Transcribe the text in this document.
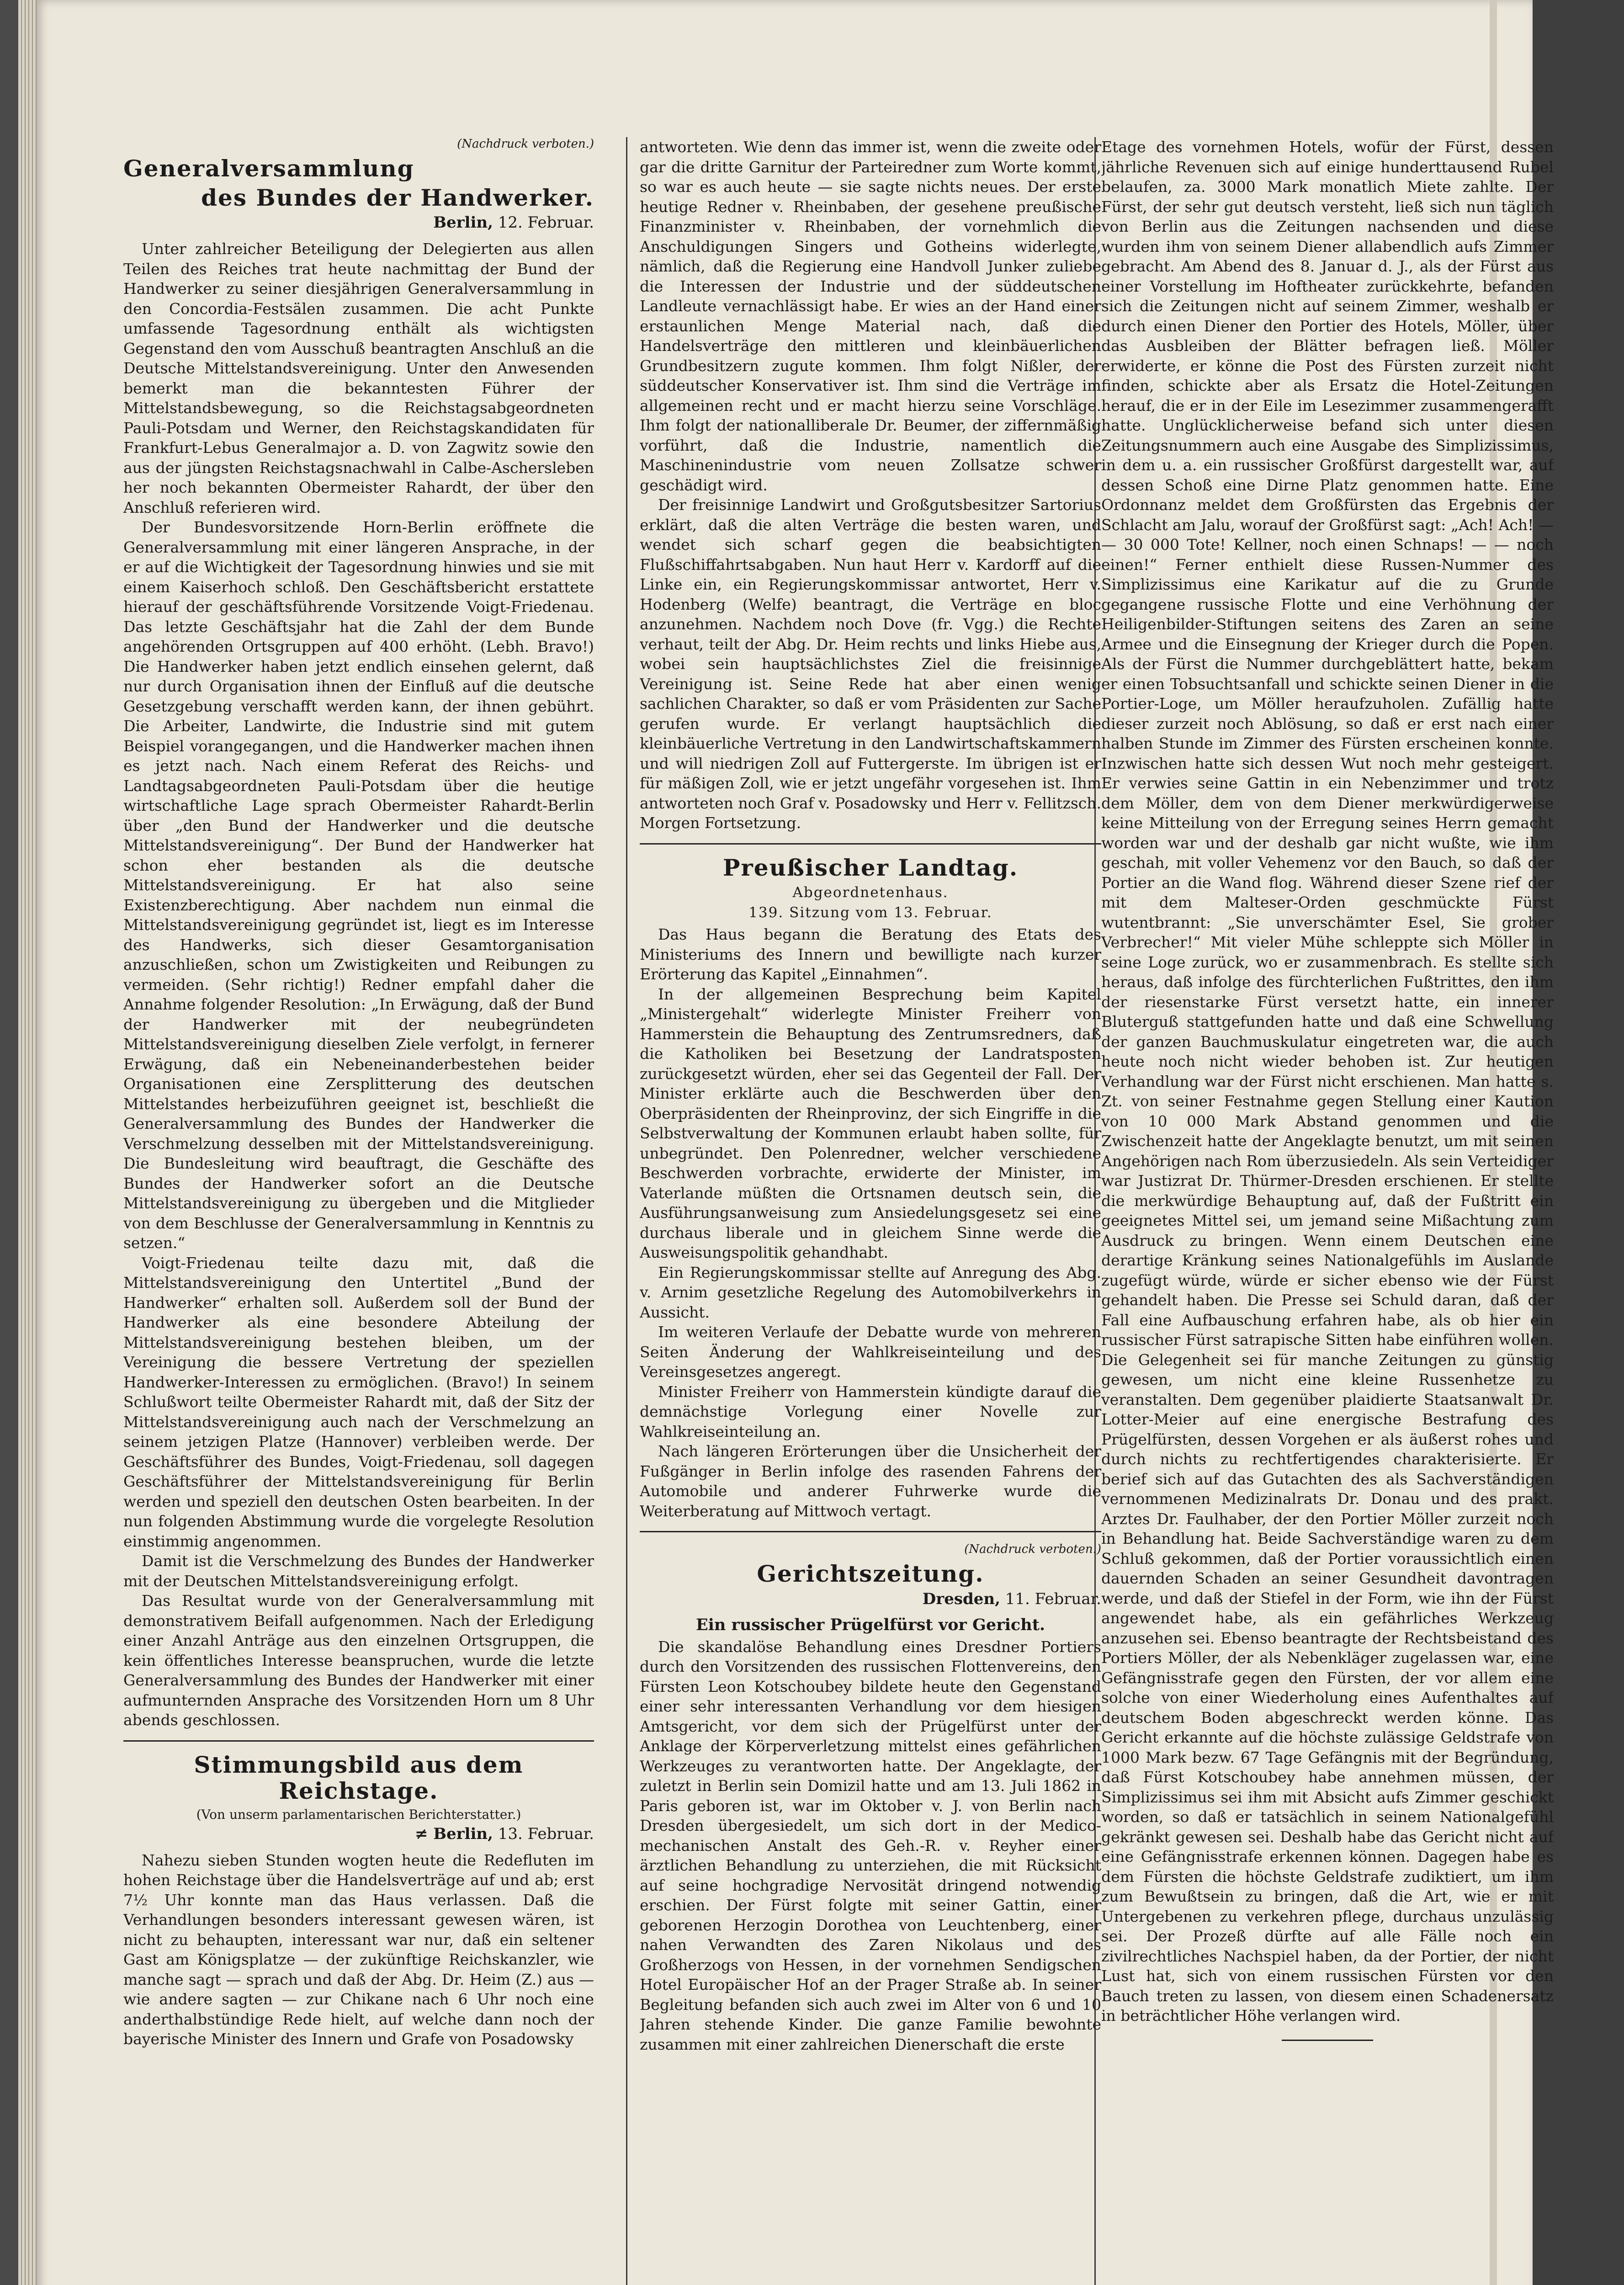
(Nachdruck verboten.)
Generalversammlung
des Bundes der Handwerker.
Berlin, 12. Februar.

Unter zahlreicher Beteiligung der Delegierten aus allen Teilen des Reiches trat heute nachmittag der Bund der Handwerker zu seiner diesjährigen Generalversammlung in den Concordia-Festsälen zusammen. Die acht Punkte umfassende Tagesordnung enthält als wichtigsten Gegenstand den vom Ausschuß beantragten Anschluß an die Deutsche Mittelstandsvereinigung. Unter den Anwesenden bemerkt man die bekanntesten Führer der Mittelstandsbewegung, so die Reichstagsabgeordneten Pauli-Potsdam und Werner, den Reichstagskandidaten für Frankfurt-Lebus Generalmajor a. D. von Zagwitz sowie den aus der jüngsten Reichstagsnachwahl in Calbe-Aschersleben her noch bekannten Obermeister Rahardt, der über den Anschluß referieren wird.

Der Bundesvorsitzende Horn-Berlin eröffnete die Generalversammlung mit einer längeren Ansprache, in der er auf die Wichtigkeit der Tagesordnung hinwies und sie mit einem Kaiserhoch schloß. Den Geschäftsbericht erstattete hierauf der geschäftsführende Vorsitzende Voigt-Friedenau. Das letzte Geschäftsjahr hat die Zahl der dem Bunde angehörenden Ortsgruppen auf 400 erhöht. (Lebh. Bravo!) Die Handwerker haben jetzt endlich einsehen gelernt, daß nur durch Organisation ihnen der Einfluß auf die deutsche Gesetzgebung verschafft werden kann, der ihnen gebührt. Die Arbeiter, Landwirte, die Industrie sind mit gutem Beispiel vorangegangen, und die Handwerker machen ihnen es jetzt nach. Nach einem Referat des Reichs- und Landtagsabgeordneten Pauli-Potsdam über die heutige wirtschaftliche Lage sprach Obermeister Rahardt-Berlin über „den Bund der Handwerker und die deutsche Mittelstandsvereinigung“. Der Bund der Handwerker hat schon eher bestanden als die deutsche Mittelstandsvereinigung. Er hat also seine Existenzberechtigung. Aber nachdem nun einmal die Mittelstandsvereinigung gegründet ist, liegt es im Interesse des Handwerks, sich dieser Gesamtorganisation anzuschließen, schon um Zwistigkeiten und Reibungen zu vermeiden. (Sehr richtig!) Redner empfahl daher die Annahme folgender Resolution: „In Erwägung, daß der Bund der Handwerker mit der neubegründeten Mittelstandsvereinigung dieselben Ziele verfolgt, in fernerer Erwägung, daß ein Nebeneinanderbestehen beider Organisationen eine Zersplitterung des deutschen Mittelstandes herbeizuführen geeignet ist, beschließt die Generalversammlung des Bundes der Handwerker die Verschmelzung desselben mit der Mittelstandsvereinigung. Die Bundesleitung wird beauftragt, die Geschäfte des Bundes der Handwerker sofort an die Deutsche Mittelstandsvereinigung zu übergeben und die Mitglieder von dem Beschlusse der Generalversammlung in Kenntnis zu setzen.“

Voigt-Friedenau teilte dazu mit, daß die Mittelstandsvereinigung den Untertitel „Bund der Handwerker“ erhalten soll. Außerdem soll der Bund der Handwerker als eine besondere Abteilung der Mittelstandsvereinigung bestehen bleiben, um der Vereinigung die bessere Vertretung der speziellen Handwerker-Interessen zu ermöglichen. (Bravo!) In seinem Schlußwort teilte Obermeister Rahardt mit, daß der Sitz der Mittelstandsvereinigung auch nach der Verschmelzung an seinem jetzigen Platze (Hannover) verbleiben werde. Der Geschäftsführer des Bundes, Voigt-Friedenau, soll dagegen Geschäftsführer der Mittelstandsvereinigung für Berlin werden und speziell den deutschen Osten bearbeiten. In der nun folgenden Abstimmung wurde die vorgelegte Resolution einstimmig angenommen.

Damit ist die Verschmelzung des Bundes der Handwerker mit der Deutschen Mittelstandsvereinigung erfolgt.

Das Resultat wurde von der Generalversammlung mit demonstrativem Beifall aufgenommen. Nach der Erledigung einer Anzahl Anträge aus den einzelnen Ortsgruppen, die kein öffentliches Interesse beanspruchen, wurde die letzte Generalversammlung des Bundes der Handwerker mit einer aufmunternden Ansprache des Vorsitzenden Horn um 8 Uhr abends geschlossen.

Stimmungsbild aus dem Reichstage.
(Von unserm parlamentarischen Berichterstatter.)
≠ Berlin, 13. Februar.

Nahezu sieben Stunden wogten heute die Redefluten im hohen Reichstage über die Handelsverträge auf und ab; erst 7½ Uhr konnte man das Haus verlassen. Daß die Verhandlungen besonders interessant gewesen wären, ist nicht zu behaupten, interessant war nur, daß ein seltener Gast am Königsplatze — der zukünftige Reichskanzler, wie manche sagt — sprach und daß der Abg. Dr. Heim (Z.) aus — wie andere sagten — zur Chikane nach 6 Uhr noch eine anderthalbstündige Rede hielt, auf welche dann noch der bayerische Minister des Innern und Grafe von Posadowsky

antworteten. Wie denn das immer ist, wenn die zweite oder gar die dritte Garnitur der Parteiredner zum Worte kommt, so war es auch heute — sie sagte nichts neues. Der erste heutige Redner v. Rheinbaben, der gesehene preußische Finanzminister v. Rheinbaben, der vornehmlich die Anschuldigungen Singers und Gotheins widerlegte, nämlich, daß die Regierung eine Handvoll Junker zuliebe die Interessen der Industrie und der süddeutschen Landleute vernachlässigt habe. Er wies an der Hand einer erstaunlichen Menge Material nach, daß die Handelsverträge den mittleren und kleinbäuerlichen Grundbesitzern zugute kommen. Ihm folgt Nißler, der süddeutscher Konservativer ist. Ihm sind die Verträge im allgemeinen recht und er macht hierzu seine Vorschläge. Ihm folgt der nationalliberale Dr. Beumer, der ziffernmäßig vorführt, daß die Industrie, namentlich die Maschinenindustrie vom neuen Zollsatze schwer geschädigt wird.

Der freisinnige Landwirt und Großgutsbesitzer Sartorius erklärt, daß die alten Verträge die besten waren, und wendet sich scharf gegen die beabsichtigten Flußschiffahrtsabgaben. Nun haut Herr v. Kardorff auf die Linke ein, ein Regierungskommissar antwortet, Herr v. Hodenberg (Welfe) beantragt, die Verträge en bloc anzunehmen. Nachdem noch Dove (fr. Vgg.) die Rechte verhaut, teilt der Abg. Dr. Heim rechts und links Hiebe aus, wobei sein hauptsächlichstes Ziel die freisinnige Vereinigung ist. Seine Rede hat aber einen wenig sachlichen Charakter, so daß er vom Präsidenten zur Sache gerufen wurde. Er verlangt hauptsächlich die kleinbäuerliche Vertretung in den Landwirtschaftskammern und will niedrigen Zoll auf Futtergerste. Im übrigen ist er für mäßigen Zoll, wie er jetzt ungefähr vorgesehen ist. Ihm antworteten noch Graf v. Posadowsky und Herr v. Fellitzsch. Morgen Fortsetzung.

Preußischer Landtag.
Abgeordnetenhaus.
139. Sitzung vom 13. Februar.

Das Haus begann die Beratung des Etats des Ministeriums des Innern und bewilligte nach kurzer Erörterung das Kapitel „Einnahmen“.

In der allgemeinen Besprechung beim Kapitel „Ministergehalt“ widerlegte Minister Freiherr von Hammerstein die Behauptung des Zentrumsredners, daß die Katholiken bei Besetzung der Landratsposten zurückgesetzt würden, eher sei das Gegenteil der Fall. Der Minister erklärte auch die Beschwerden über den Oberpräsidenten der Rheinprovinz, der sich Eingriffe in die Selbstverwaltung der Kommunen erlaubt haben sollte, für unbegründet. Den Polenredner, welcher verschiedene Beschwerden vorbrachte, erwiderte der Minister, im Vaterlande müßten die Ortsnamen deutsch sein, die Ausführungsanweisung zum Ansiedelungsgesetz sei eine durchaus liberale und in gleichem Sinne werde die Ausweisungspolitik gehandhabt.

Ein Regierungskommissar stellte auf Anregung des Abg. v. Arnim gesetzliche Regelung des Automobilverkehrs in Aussicht.

Im weiteren Verlaufe der Debatte wurde von mehreren Seiten Änderung der Wahlkreiseinteilung und des Vereinsgesetzes angeregt.

Minister Freiherr von Hammerstein kündigte darauf die demnächstige Vorlegung einer Novelle zur Wahlkreiseinteilung an.

Nach längeren Erörterungen über die Unsicherheit der Fußgänger in Berlin infolge des rasenden Fahrens der Automobile und anderer Fuhrwerke wurde die Weiterberatung auf Mittwoch vertagt.

(Nachdruck verboten.)
Gerichtszeitung.
Dresden, 11. Februar.
Ein russischer Prügelfürst vor Gericht.

Die skandalöse Behandlung eines Dresdner Portiers durch den Vorsitzenden des russischen Flottenvereins, den Fürsten Leon Kotschoubey bildete heute den Gegenstand einer sehr interessanten Verhandlung vor dem hiesigen Amtsgericht, vor dem sich der Prügelfürst unter der Anklage der Körperverletzung mittelst eines gefährlichen Werkzeuges zu verantworten hatte. Der Angeklagte, der zuletzt in Berlin sein Domizil hatte und am 13. Juli 1862 in Paris geboren ist, war im Oktober v. J. von Berlin nach Dresden übergesiedelt, um sich dort in der Medico-mechanischen Anstalt des Geh.-R. v. Reyher einer ärztlichen Behandlung zu unterziehen, die mit Rücksicht auf seine hochgradige Nervosität dringend notwendig erschien. Der Fürst folgte mit seiner Gattin, einer geborenen Herzogin Dorothea von Leuchtenberg, einer nahen Verwandten des Zaren Nikolaus und des Großherzogs von Hessen, in der vornehmen Sendigschen Hotel Europäischer Hof an der Prager Straße ab. In seiner Begleitung befanden sich auch zwei im Alter von 6 und 10 Jahren stehende Kinder. Die ganze Familie bewohnte zusammen mit einer zahlreichen Dienerschaft die erste

Etage des vornehmen Hotels, wofür der Fürst, dessen jährliche Revenuen sich auf einige hunderttausend Rubel belaufen, za. 3000 Mark monatlich Miete zahlte. Der Fürst, der sehr gut deutsch versteht, ließ sich nun täglich von Berlin aus die Zeitungen nachsenden und diese wurden ihm von seinem Diener allabendlich aufs Zimmer gebracht. Am Abend des 8. Januar d. J., als der Fürst aus einer Vorstellung im Hoftheater zurückkehrte, befanden sich die Zeitungen nicht auf seinem Zimmer, weshalb er durch einen Diener den Portier des Hotels, Möller, über das Ausbleiben der Blätter befragen ließ. Möller erwiderte, er könne die Post des Fürsten zurzeit nicht finden, schickte aber als Ersatz die Hotel-Zeitungen herauf, die er in der Eile im Lesezimmer zusammengerafft hatte. Unglücklicherweise befand sich unter diesen Zeitungsnummern auch eine Ausgabe des Simplizissimus, in dem u. a. ein russischer Großfürst dargestellt war, auf dessen Schoß eine Dirne Platz genommen hatte. Eine Ordonnanz meldet dem Großfürsten das Ergebnis der Schlacht am Jalu, worauf der Großfürst sagt: „Ach! Ach! — — 30 000 Tote! Kellner, noch einen Schnaps! — — noch einen!“ Ferner enthielt diese Russen-Nummer des Simplizissimus eine Karikatur auf die zu Grunde gegangene russische Flotte und eine Verhöhnung der Heiligenbilder-Stiftungen seitens des Zaren an seine Armee und die Einsegnung der Krieger durch die Popen. Als der Fürst die Nummer durchgeblättert hatte, bekam er einen Tobsuchtsanfall und schickte seinen Diener in die Portier-Loge, um Möller heraufzuholen. Zufällig hatte dieser zurzeit noch Ablösung, so daß er erst nach einer halben Stunde im Zimmer des Fürsten erscheinen konnte. Inzwischen hatte sich dessen Wut noch mehr gesteigert. Er verwies seine Gattin in ein Nebenzimmer und trotz dem Möller, dem von dem Diener merkwürdigerweise keine Mitteilung von der Erregung seines Herrn gemacht worden war und der deshalb gar nicht wußte, wie ihm geschah, mit voller Vehemenz vor den Bauch, so daß der Portier an die Wand flog. Während dieser Szene rief der mit dem Malteser-Orden geschmückte Fürst wutentbrannt: „Sie unverschämter Esel, Sie grober Verbrecher!“ Mit vieler Mühe schleppte sich Möller in seine Loge zurück, wo er zusammenbrach. Es stellte sich heraus, daß infolge des fürchterlichen Fußtrittes, den ihm der riesenstarke Fürst versetzt hatte, ein innerer Bluterguß stattgefunden hatte und daß eine Schwellung der ganzen Bauchmuskulatur eingetreten war, die auch heute noch nicht wieder behoben ist. Zur heutigen Verhandlung war der Fürst nicht erschienen. Man hatte s. Zt. von seiner Festnahme gegen Stellung einer Kaution von 10 000 Mark Abstand genommen und die Zwischenzeit hatte der Angeklagte benutzt, um mit seinen Angehörigen nach Rom überzusiedeln. Als sein Verteidiger war Justizrat Dr. Thürmer-Dresden erschienen. Er stellte die merkwürdige Behauptung auf, daß der Fußtritt ein geeignetes Mittel sei, um jemand seine Mißachtung zum Ausdruck zu bringen. Wenn einem Deutschen eine derartige Kränkung seines Nationalgefühls im Auslande zugefügt würde, würde er sicher ebenso wie der Fürst gehandelt haben. Die Presse sei Schuld daran, daß der Fall eine Aufbauschung erfahren habe, als ob hier ein russischer Fürst satrapische Sitten habe einführen wollen. Die Gelegenheit sei für manche Zeitungen zu günstig gewesen, um nicht eine kleine Russenhetze zu veranstalten. Dem gegenüber plaidierte Staatsanwalt Dr. Lotter-Meier auf eine energische Bestrafung des Prügelfürsten, dessen Vorgehen er als äußerst rohes und durch nichts zu rechtfertigendes charakterisierte. Er berief sich auf das Gutachten des als Sachverständigen vernommenen Medizinalrats Dr. Donau und des prakt. Arztes Dr. Faulhaber, der den Portier Möller zurzeit noch in Behandlung hat. Beide Sachverständige waren zu dem Schluß gekommen, daß der Portier voraussichtlich einen dauernden Schaden an seiner Gesundheit davontragen werde, und daß der Stiefel in der Form, wie ihn der Fürst angewendet habe, als ein gefährliches Werkzeug anzusehen sei. Ebenso beantragte der Rechtsbeistand des Portiers Möller, der als Nebenkläger zugelassen war, eine Gefängnisstrafe gegen den Fürsten, der vor allem eine solche von einer Wiederholung eines Aufenthaltes auf deutschem Boden abgeschreckt werden könne. Das Gericht erkannte auf die höchste zulässige Geldstrafe von 1000 Mark bezw. 67 Tage Gefängnis mit der Begründung, daß Fürst Kotschoubey habe annehmen müssen, der Simplizissimus sei ihm mit Absicht aufs Zimmer geschickt worden, so daß er tatsächlich in seinem Nationalgefühl gekränkt gewesen sei. Deshalb habe das Gericht nicht auf eine Gefängnisstrafe erkennen können. Dagegen habe es dem Fürsten die höchste Geldstrafe zudiktiert, um ihm zum Bewußtsein zu bringen, daß die Art, wie er mit Untergebenen zu verkehren pflege, durchaus unzulässig sei. Der Prozeß dürfte auf alle Fälle noch ein zivilrechtliches Nachspiel haben, da der Portier, der nicht Lust hat, sich von einem russischen Fürsten vor den Bauch treten zu lassen, von diesem einen Schadenersatz in beträchtlicher Höhe verlangen wird.
